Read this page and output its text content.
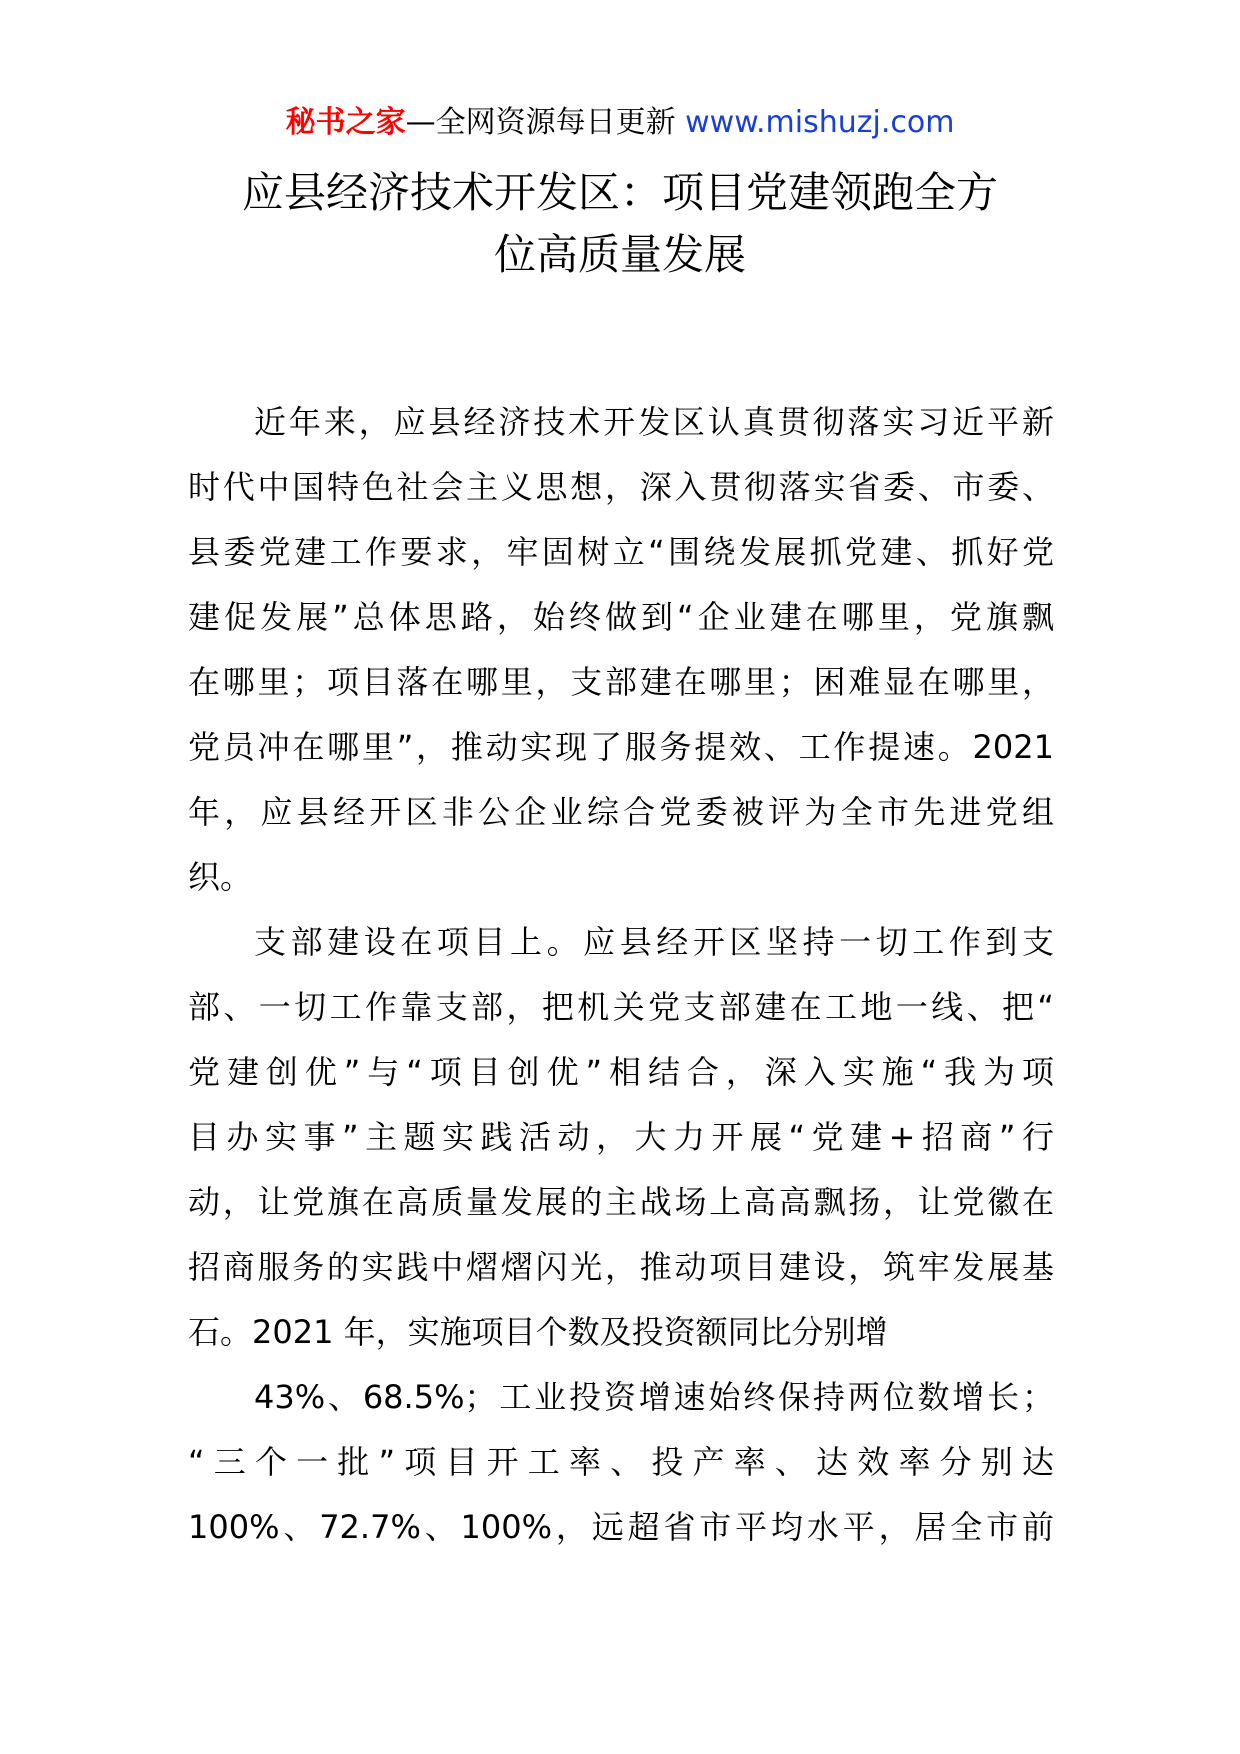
秘书之家—全网资源每日更新 www.mishuzj.com
应县经济技术开发区：项目党建领跑全方
位高质量发展

近年来，应县经济技术开发区认真贯彻落实习近平新
时代中国特色社会主义思想，深入贯彻落实省委、市委、
县委党建工作要求，牢固树立“围绕发展抓党建、抓好党
建促发展”总体思路，始终做到“企业建在哪里，党旗飘
在哪里；项目落在哪里，支部建在哪里；困难显在哪里，
党员冲在哪里”，推动实现了服务提效、工作提速。2021
年，应县经开区非公企业综合党委被评为全市先进党组
织。

支部建设在项目上。应县经开区坚持一切工作到支
部、一切工作靠支部，把机关党支部建在工地一线、把“
党建创优”与“项目创优”相结合，深入实施“我为项
目办实事”主题实践活动，大力开展“党建+招商”行
动，让党旗在高质量发展的主战场上高高飘扬，让党徽在
招商服务的实践中熠熠闪光，推动项目建设，筑牢发展基
石。2021 年，实施项目个数及投资额同比分别增

43%、68.5%；工业投资增速始终保持两位数增长；
“三个一批”项目开工率、投产率、达效率分别达
100%、72.7%、100%，远超省市平均水平，居全市前
